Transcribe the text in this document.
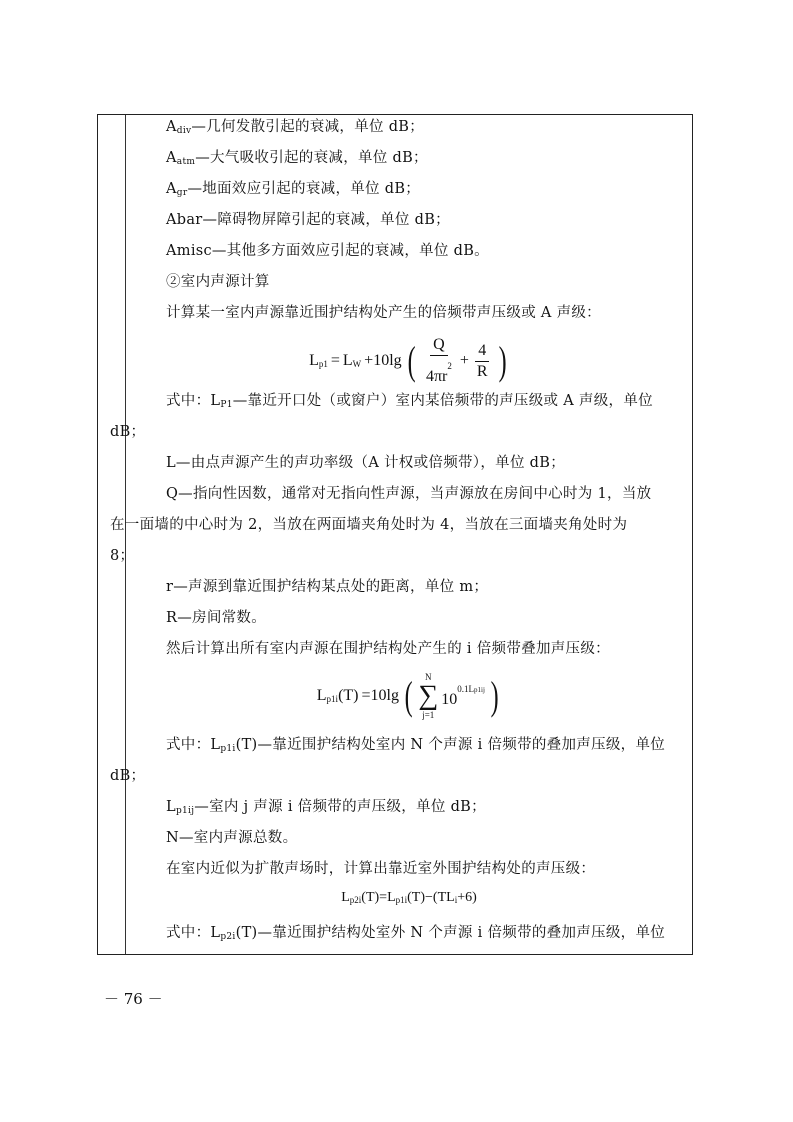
$A_{div}—$几何发散引起的衰减，单位 dB；
$A_{atm}—$大气吸收引起的衰减，单位 dB；
$A_{gr}—$地面效应引起的衰减，单位 dB；
Abar—障碍物屏障引起的衰减，单位 dB；
Amisc—其他多方面效应引起的衰减，单位 dB。
②室内声源计算
计算某一室内声源靠近围护结构处产生的倍频带声压级或 A 声级：
$L_{p1} = L_W +10\lg$ ( $\frac{Q}{4\pi r^2} + \frac{4}{R}$ )
式中：$L_{P1}—$靠近开口处（或窗户）室内某倍频带的声压级或 A 声级，单位
dB；
L—由点声源产生的声功率级（A 计权或倍频带），单位 dB；
Q—指向性因数，通常对无指向性声源，当声源放在房间中心时为 1，当放
在一面墙的中心时为 2，当放在两面墙夹角处时为 4，当放在三面墙夹角处时为
8；
r—声源到靠近围护结构某点处的距离，单位 m；
R—房间常数。
然后计算出所有室内声源在围护结构处产生的 i 倍频带叠加声压级：
$L_{p1i}(T) =10\lg$ ( N
∑
j=1
$10^{0.1Lp1ij}$ )
式中：$L_{p1i}(T)—$靠近围护结构处室内 N 个声源 i 倍频带的叠加声压级，单位
dB；
$L_{p1ij}—$室内 j 声源 i 倍频带的声压级，单位 dB；
N—室内声源总数。
在室内近似为扩散声场时，计算出靠近室外围护结构处的声压级：
$L_{p2i}(T)=L_{p1i}(T)-(TL_i+6)$
式中：$L_{p2i}(T)—$靠近围护结构处室外 N 个声源 i 倍频带的叠加声压级，单位
－ 76 －
